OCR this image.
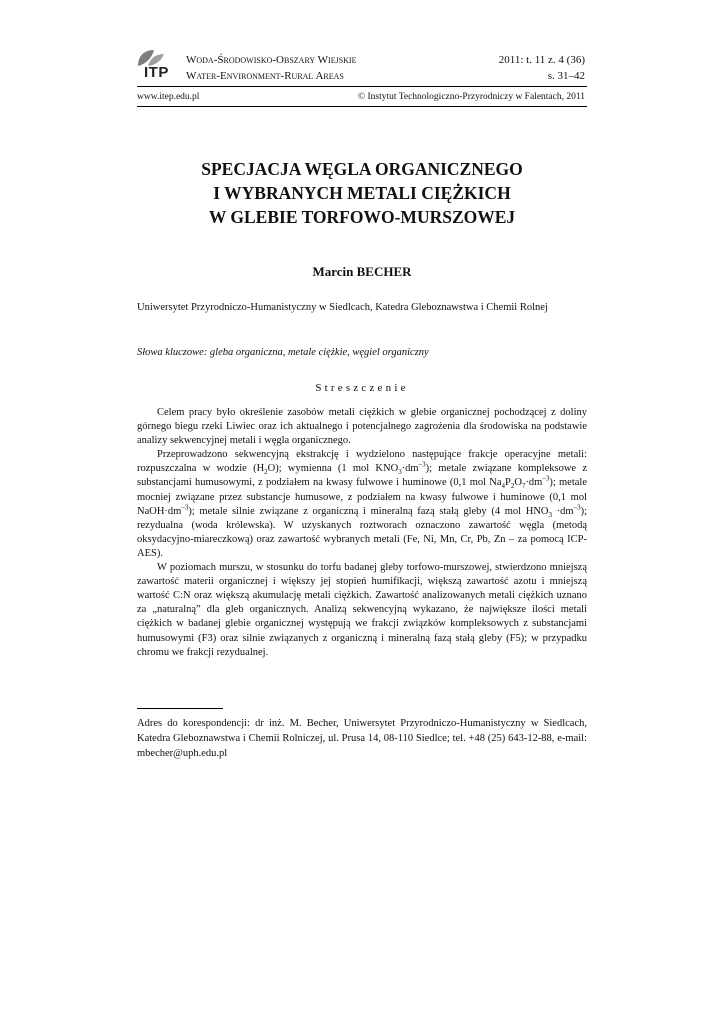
ITP
Woda-Środowisko-Obszary Wiejskie
Water-Environment-Rural Areas
2011: t. 11 z. 4 (36)
s. 31–42
www.itep.edu.pl	© Instytut Technologiczno-Przyrodniczy w Falentach, 2011
SPECJACJA WĘGLA ORGANICZNEGO
I WYBRANYCH METALI CIĘŻKICH
W GLEBIE TORFOWO-MURSZOWEJ
Marcin BECHER
Uniwersytet Przyrodniczo-Humanistyczny w Siedlcach, Katedra Gleboznawstwa i Chemii Rolnej
Słowa kluczowe: gleba organiczna, metale ciężkie, węgiel organiczny
Streszczenie

Celem pracy było określenie zasobów metali ciężkich w glebie organicznej pochodzącej z doliny górnego biegu rzeki Liwiec oraz ich aktualnego i potencjalnego zagrożenia dla środowiska na podstawie analizy sekwencyjnej metali i węgla organicznego.

Przeprowadzono sekwencyjną ekstrakcję i wydzielono następujące frakcje operacyjne metali: rozpuszczalna w wodzie $(H_2O)$; wymienna (1 mol $KNO_3\cdot dm^{-3}$); metale związane kompleksowe z substancjami humusowymi, z podziałem na kwasy fulwowe i huminowe (0,1 mol $Na_4P_2O_7\cdot dm^{-3}$); metale mocniej związane przez substancje humusowe, z podziałem na kwasy fulwowe i huminowe (0,1 mol $NaOH\cdot dm^{-3}$); metale silnie związane z organiczną i mineralną fazą stałą gleby (4 mol $HNO_3 \cdot dm^{-3}$); rezydualna (woda królewska). W uzyskanych roztworach oznaczono zawartość węgla (metodą oksydacyjno-miareczkową) oraz zawartość wybranych metali (Fe, Ni, Mn, Cr, Pb, Zn – za pomocą ICP-AES).

W poziomach murszu, w stosunku do torfu badanej gleby torfowo-murszowej, stwierdzono mniejszą zawartość materii organicznej i większy jej stopień humifikacji, większą zawartość azotu i mniejszą wartość C:N oraz większą akumulację metali ciężkich. Zawartość analizowanych metali ciężkich uznano za „naturalną” dla gleb organicznych. Analizą sekwencyjną wykazano, że największe ilości metali ciężkich w badanej glebie organicznej występują we frakcji związków kompleksowych z substancjami humusowymi (F3) oraz silnie związanych z organiczną i mineralną fazą stałą gleby (F5); w przypadku chromu we frakcji rezydualnej.

Adres do korespondencji: dr inż. M. Becher, Uniwersytet Przyrodniczo-Humanistyczny w Siedlcach, Katedra Gleboznawstwa i Chemii Rolniczej, ul. Prusa 14, 08-110 Siedlce; tel. +48 (25) 643-12-88, e-mail: mbecher@uph.edu.pl
